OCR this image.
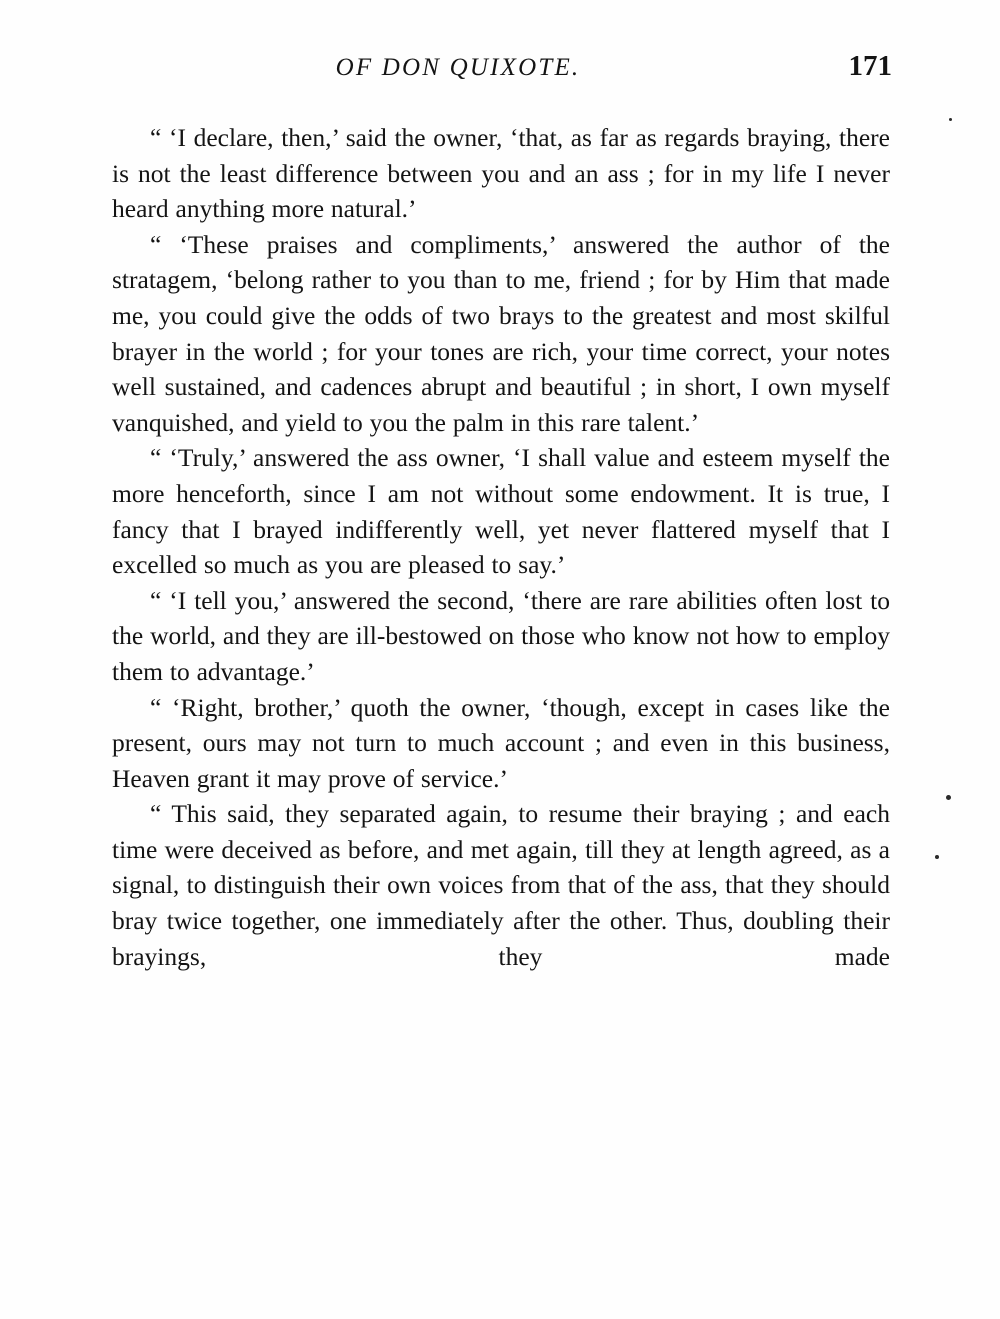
OF DON QUIXOTE.	171

“ ‘I declare, then,’ said the owner, ‘that, as far as regards braying, there is not the least difference between you and an ass ; for in my life I never heard anything more natural.’

“ ‘These praises and compliments,’ answered the author of the stratagem, ‘belong rather to you than to me, friend ; for by Him that made me, you could give the odds of two brays to the greatest and most skilful brayer in the world ; for your tones are rich, your time correct, your notes well sustained, and cadences abrupt and beautiful ; in short, I own myself vanquished, and yield to you the palm in this rare talent.’

“ ‘Truly,’ answered the ass owner, ‘I shall value and esteem myself the more henceforth, since I am not without some endowment. It is true, I fancy that I brayed indifferently well, yet never flattered myself that I excelled so much as you are pleased to say.’

“ ‘I tell you,’ answered the second, ‘there are rare abilities often lost to the world, and they are ill-bestowed on those who know not how to employ them to advantage.’

“ ‘Right, brother,’ quoth the owner, ‘though, except in cases like the present, ours may not turn to much account ; and even in this business, Heaven grant it may prove of service.’

“ This said, they separated again, to resume their braying ; and each time were deceived as before, and met again, till they at length agreed, as a signal, to distinguish their own voices from that of the ass, that they should bray twice together, one immediately after the other. Thus, doubling their brayings, they made
